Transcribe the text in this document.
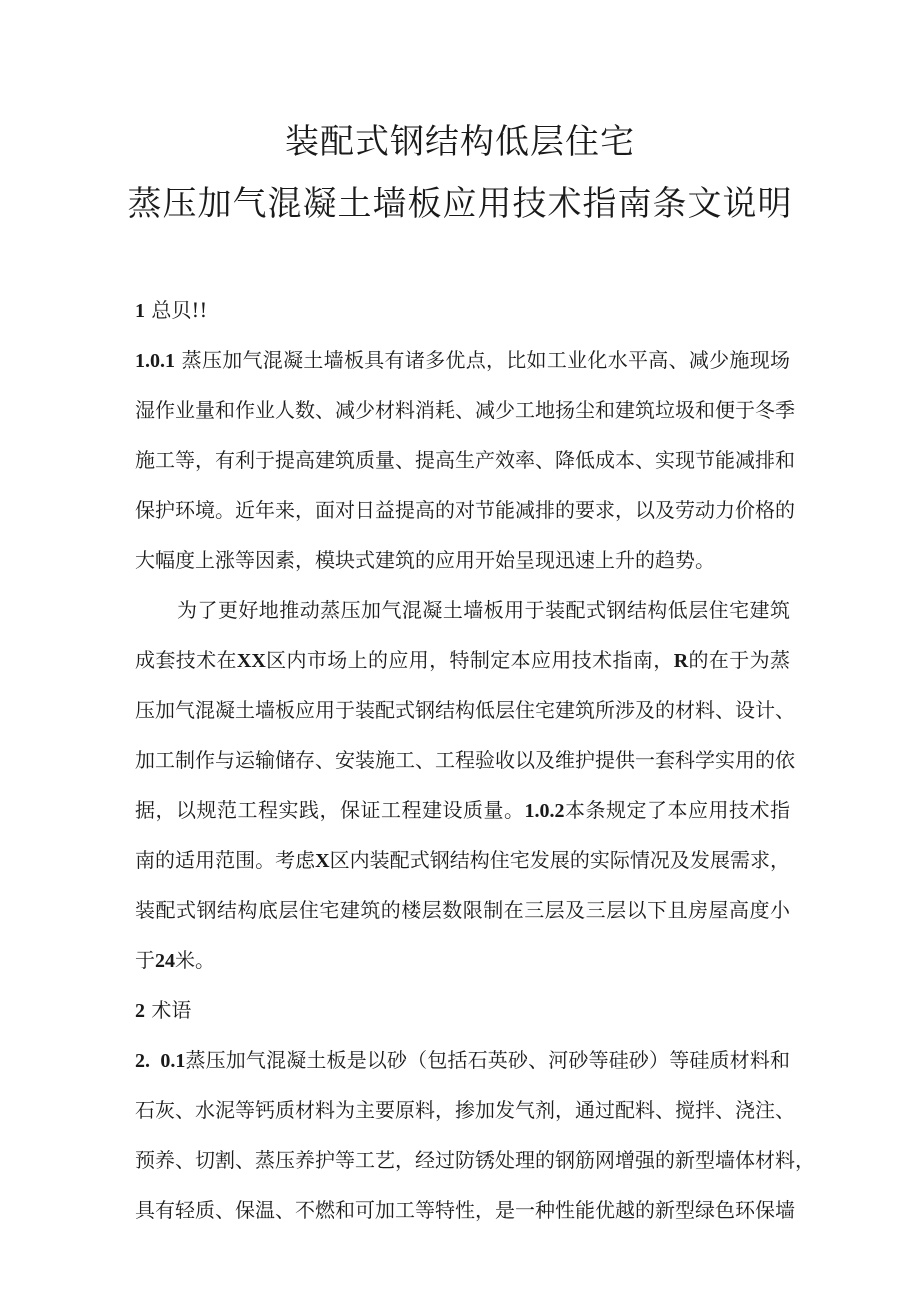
装配式钢结构低层住宅
蒸压加气混凝土墙板应用技术指南条文说明
1 总贝!!
1.0.1 蒸压加气混凝土墙板具有诸多优点，比如工业化水平高、减少施现场
湿作业量和作业人数、减少材料消耗、减少工地扬尘和建筑垃圾和便于冬季
施工等，有利于提高建筑质量、提高生产效率、降低成本、实现节能减排和
保护环境。近年来，面对日益提高的对节能减排的要求，以及劳动力价格的
大幅度上涨等因素，模块式建筑的应用开始呈现迅速上升的趋势。
为了更好地推动蒸压加气混凝土墙板用于装配式钢结构低层住宅建筑
成套技术在XX区内市场上的应用，特制定本应用技术指南，R的在于为蒸
压加气混凝土墙板应用于装配式钢结构低层住宅建筑所涉及的材料、设计、
加工制作与运输储存、安装施工、工程验收以及维护提供一套科学实用的依
据，以规范工程实践，保证工程建设质量。1.0.2本条规定了本应用技术指
南的适用范围。考虑X区内装配式钢结构住宅发展的实际情况及发展需求，
装配式钢结构底层住宅建筑的楼层数限制在三层及三层以下且房屋高度小
于24米。
2 术语
2.  0.1蒸压加气混凝土板是以砂（包括石英砂、河砂等硅砂）等硅质材料和
石灰、水泥等钙质材料为主要原料，掺加发气剂，通过配料、搅拌、浇注、
预养、切割、蒸压养护等工艺，经过防锈处理的钢筋网增强的新型墙体材料，
具有轻质、保温、不燃和可加工等特性，是一种性能优越的新型绿色环保墙
